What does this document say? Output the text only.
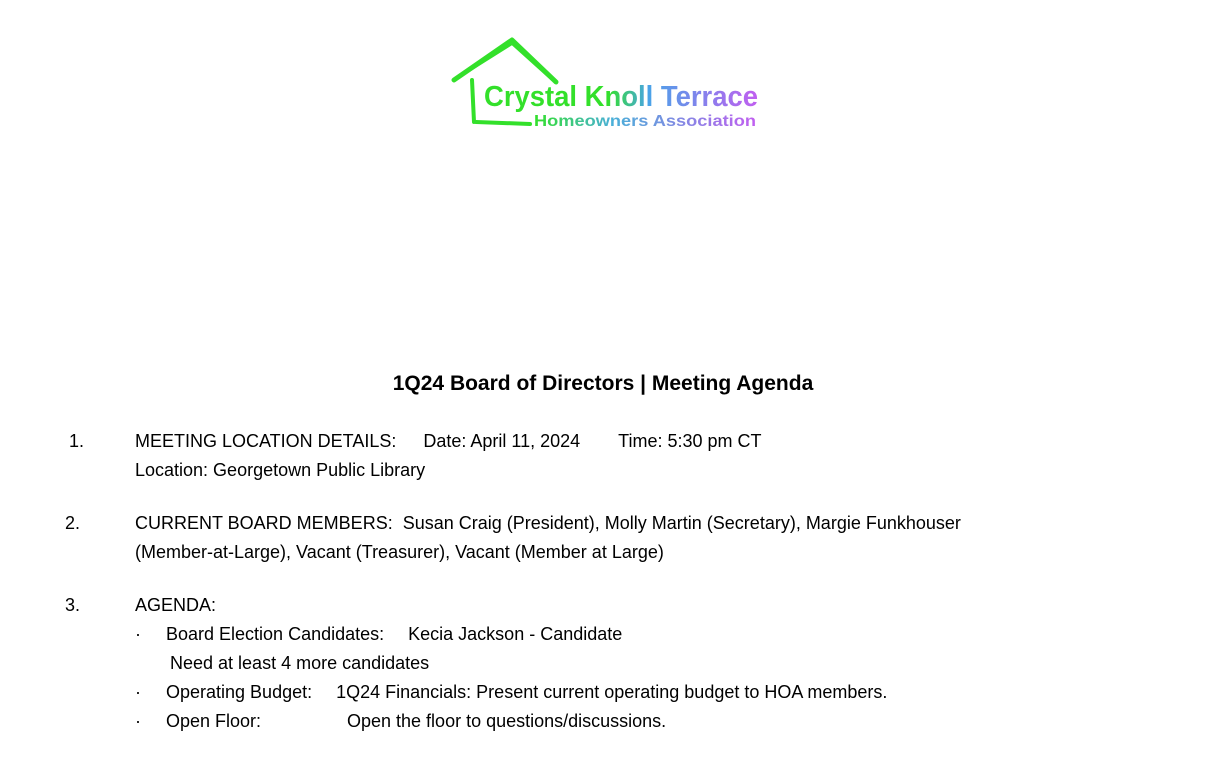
Crystal Knoll Terrace
Homeowners Association
1Q24 Board of Directors | Meeting Agenda
1.	MEETING LOCATION DETAILS: Date: April 11, 2024 Time: 5:30 pm CT
Location: Georgetown Public Library
2.	CURRENT BOARD MEMBERS:  Susan Craig (President), Molly Martin (Secretary), Margie Funkhouser
(Member-at-Large), Vacant (Treasurer), Vacant (Member at Large)
3.	AGENDA:
· Board Election Candidates: Kecia Jackson - Candidate
Need at least 4 more candidates
· Operating Budget: 1Q24 Financials: Present current operating budget to HOA members.
· Open Floor:	Open the floor to questions/discussions.
